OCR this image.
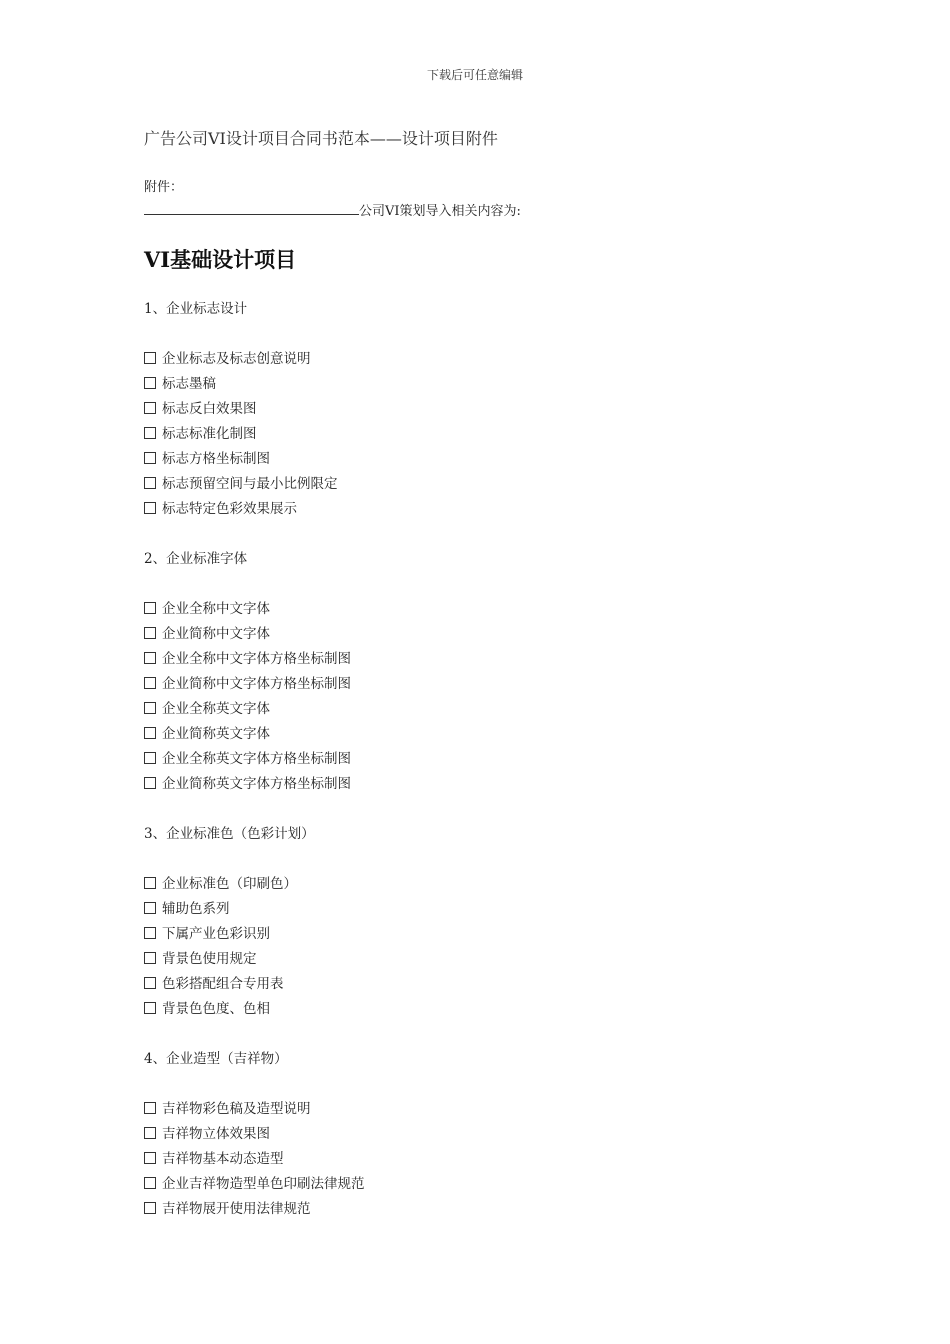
下载后可任意编辑
广告公司VI设计项目合同书范本——设计项目附件
附件：
公司VI策划导入相关内容为:
VI基础设计项目
1、企业标志设计
企业标志及标志创意说明
标志墨稿
标志反白效果图
标志标准化制图
标志方格坐标制图
标志预留空间与最小比例限定
标志特定色彩效果展示
2、企业标准字体
企业全称中文字体
企业简称中文字体
企业全称中文字体方格坐标制图
企业简称中文字体方格坐标制图
企业全称英文字体
企业简称英文字体
企业全称英文字体方格坐标制图
企业简称英文字体方格坐标制图
3、企业标准色（色彩计划）
企业标准色（印刷色）
辅助色系列
下属产业色彩识别
背景色使用规定
色彩搭配组合专用表
背景色色度、色相
4、企业造型（吉祥物）
吉祥物彩色稿及造型说明
吉祥物立体效果图
吉祥物基本动态造型
企业吉祥物造型单色印刷法律规范
吉祥物展开使用法律规范
